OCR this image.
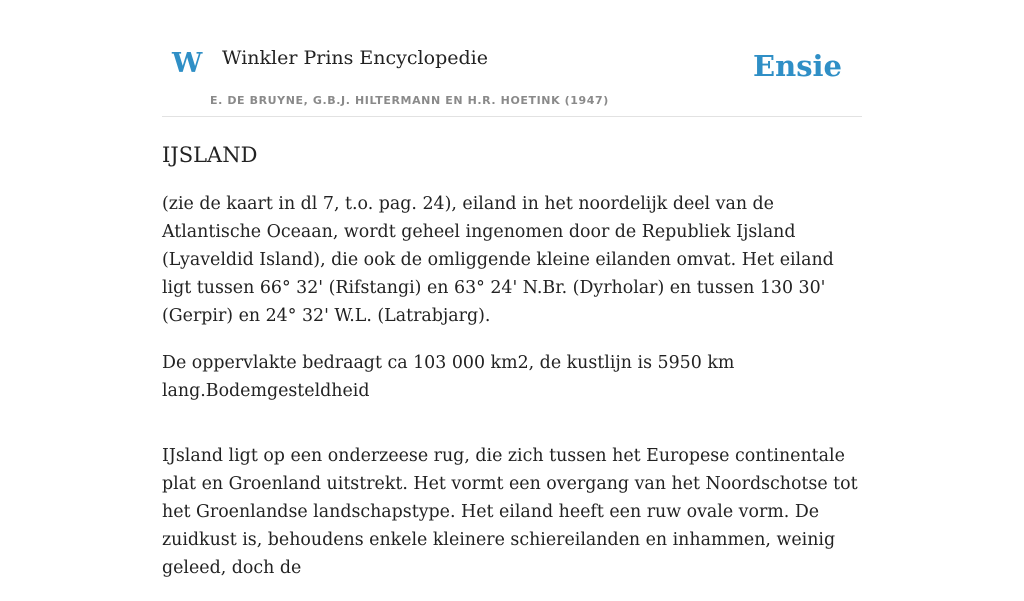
W Winkler Prins Encyclopedie
E. DE BRUYNE, G.B.J. HILTERMANN EN H.R. HOETINK (1947)
Ensie
IJSLAND

(zie de kaart in dl 7, t.o. pag. 24), eiland in het noordelijk deel van de Atlantische Oceaan, wordt geheel ingenomen door de Republiek Ijsland (Lyaveldid Island), die ook de omliggende kleine eilanden omvat. Het eiland ligt tussen 66° 32' (Rifstangi) en 63° 24' N.Br. (Dyrholar) en tussen 130 30' (Gerpir) en 24° 32' W.L. (Latrabjarg).

De oppervlakte bedraagt ca 103 000 km2, de kustlijn is 5950 km lang.Bodemgesteldheid

IJsland ligt op een onderzeese rug, die zich tussen het Europese continentale plat en Groenland uitstrekt. Het vormt een overgang van het Noordschotse tot het Groenlandse landschapstype. Het eiland heeft een ruw ovale vorm. De zuidkust is, behoudens enkele kleinere schiereilanden en inhammen, weinig geleed, doch de
